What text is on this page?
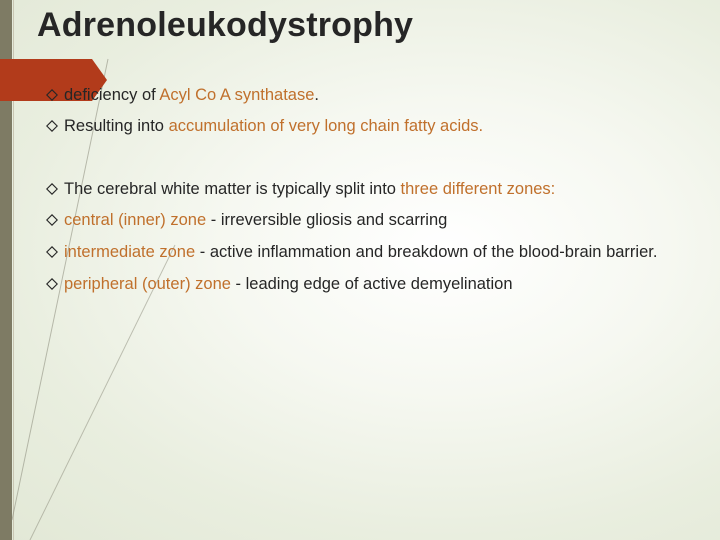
Adrenoleukodystrophy
deficiency of Acyl Co A synthatase.
Resulting into accumulation of very long chain fatty acids.
The cerebral white matter is typically split into three different zones:
central (inner) zone - irreversible gliosis and scarring
intermediate zone - active inflammation and breakdown of the blood-brain barrier.
peripheral (outer) zone - leading edge of active demyelination
